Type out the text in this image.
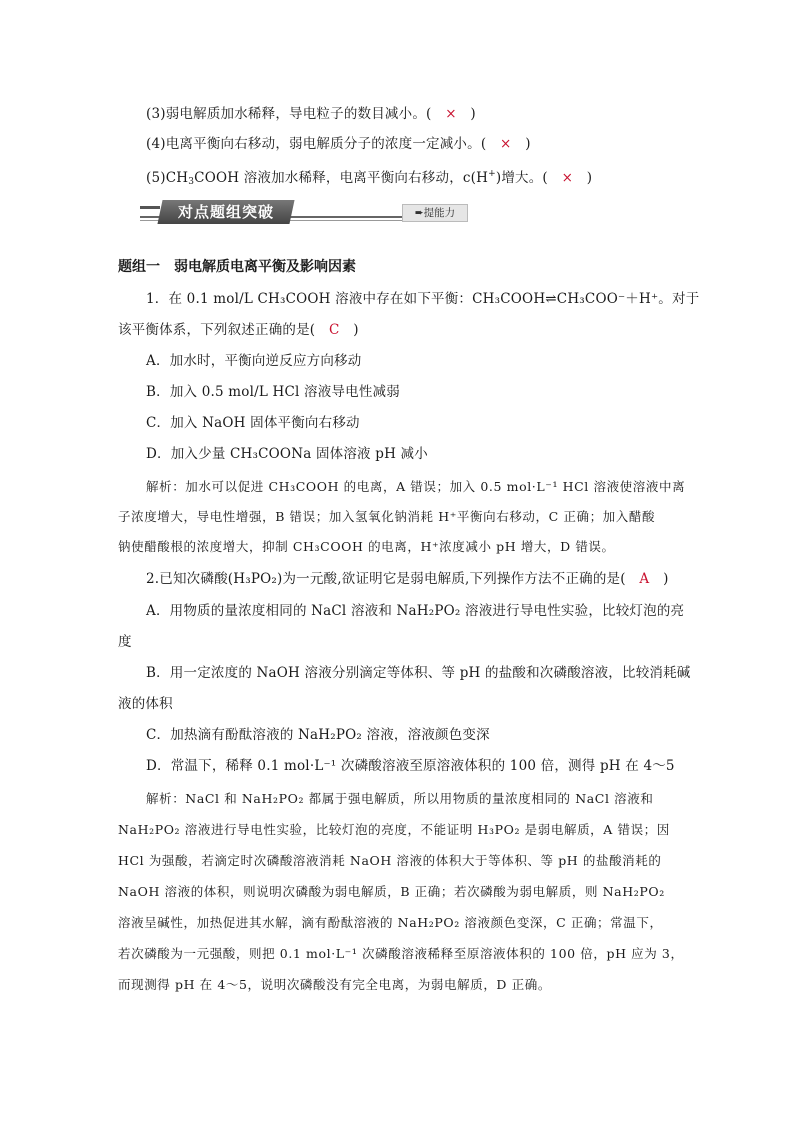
(3)弱电解质加水稀释，导电粒子的数目减小。(　×　)
(4)电离平衡向右移动，弱电解质分子的浓度一定减小。(　×　)
$(5)CH_3COOH$ 溶液加水稀释，电离平衡向右移动，c(H+)增大。(　×　)
对点题组突破	➨提能力
题组一　弱电解质电离平衡及影响因素
1．在 0.1 mol/L CH₃COOH 溶液中存在如下平衡：CH₃COOH⇌CH₃COO⁻＋H⁺。对于
该平衡体系，下列叙述正确的是(　C　)
A．加水时，平衡向逆反应方向移动
B．加入 0.5 mol/L HCl 溶液导电性减弱
C．加入 NaOH 固体平衡向右移动
D．加入少量 CH₃COONa 固体溶液 pH 减小
解析：加水可以促进 CH₃COOH 的电离，A 错误；加入 0.5 mol·L⁻¹ HCl 溶液使溶液中离
子浓度增大，导电性增强，B 错误；加入氢氧化钠消耗 H⁺平衡向右移动，C 正确；加入醋酸
钠使醋酸根的浓度增大，抑制 CH₃COOH 的电离，H⁺浓度减小 pH 增大，D 错误。
2.已知次磷酸(H₃PO₂)为一元酸,欲证明它是弱电解质,下列操作方法不正确的是(　A　)
A．用物质的量浓度相同的 NaCl 溶液和 NaH₂PO₂ 溶液进行导电性实验，比较灯泡的亮
度
B．用一定浓度的 NaOH 溶液分别滴定等体积、等 pH 的盐酸和次磷酸溶液，比较消耗碱
液的体积
C．加热滴有酚酞溶液的 NaH₂PO₂ 溶液，溶液颜色变深
D．常温下，稀释 0.1 mol·L⁻¹ 次磷酸溶液至原溶液体积的 100 倍，测得 pH 在 4～5
解析：NaCl 和 NaH₂PO₂ 都属于强电解质，所以用物质的量浓度相同的 NaCl 溶液和
NaH₂PO₂ 溶液进行导电性实验，比较灯泡的亮度，不能证明 H₃PO₂ 是弱电解质，A 错误；因
HCl 为强酸，若滴定时次磷酸溶液消耗 NaOH 溶液的体积大于等体积、等 pH 的盐酸消耗的
NaOH 溶液的体积，则说明次磷酸为弱电解质，B 正确；若次磷酸为弱电解质，则 NaH₂PO₂
溶液呈碱性，加热促进其水解，滴有酚酞溶液的 NaH₂PO₂ 溶液颜色变深，C 正确；常温下，
若次磷酸为一元强酸，则把 0.1 mol·L⁻¹ 次磷酸溶液稀释至原溶液体积的 100 倍，pH 应为 3，
而现测得 pH 在 4～5，说明次磷酸没有完全电离，为弱电解质，D 正确。
